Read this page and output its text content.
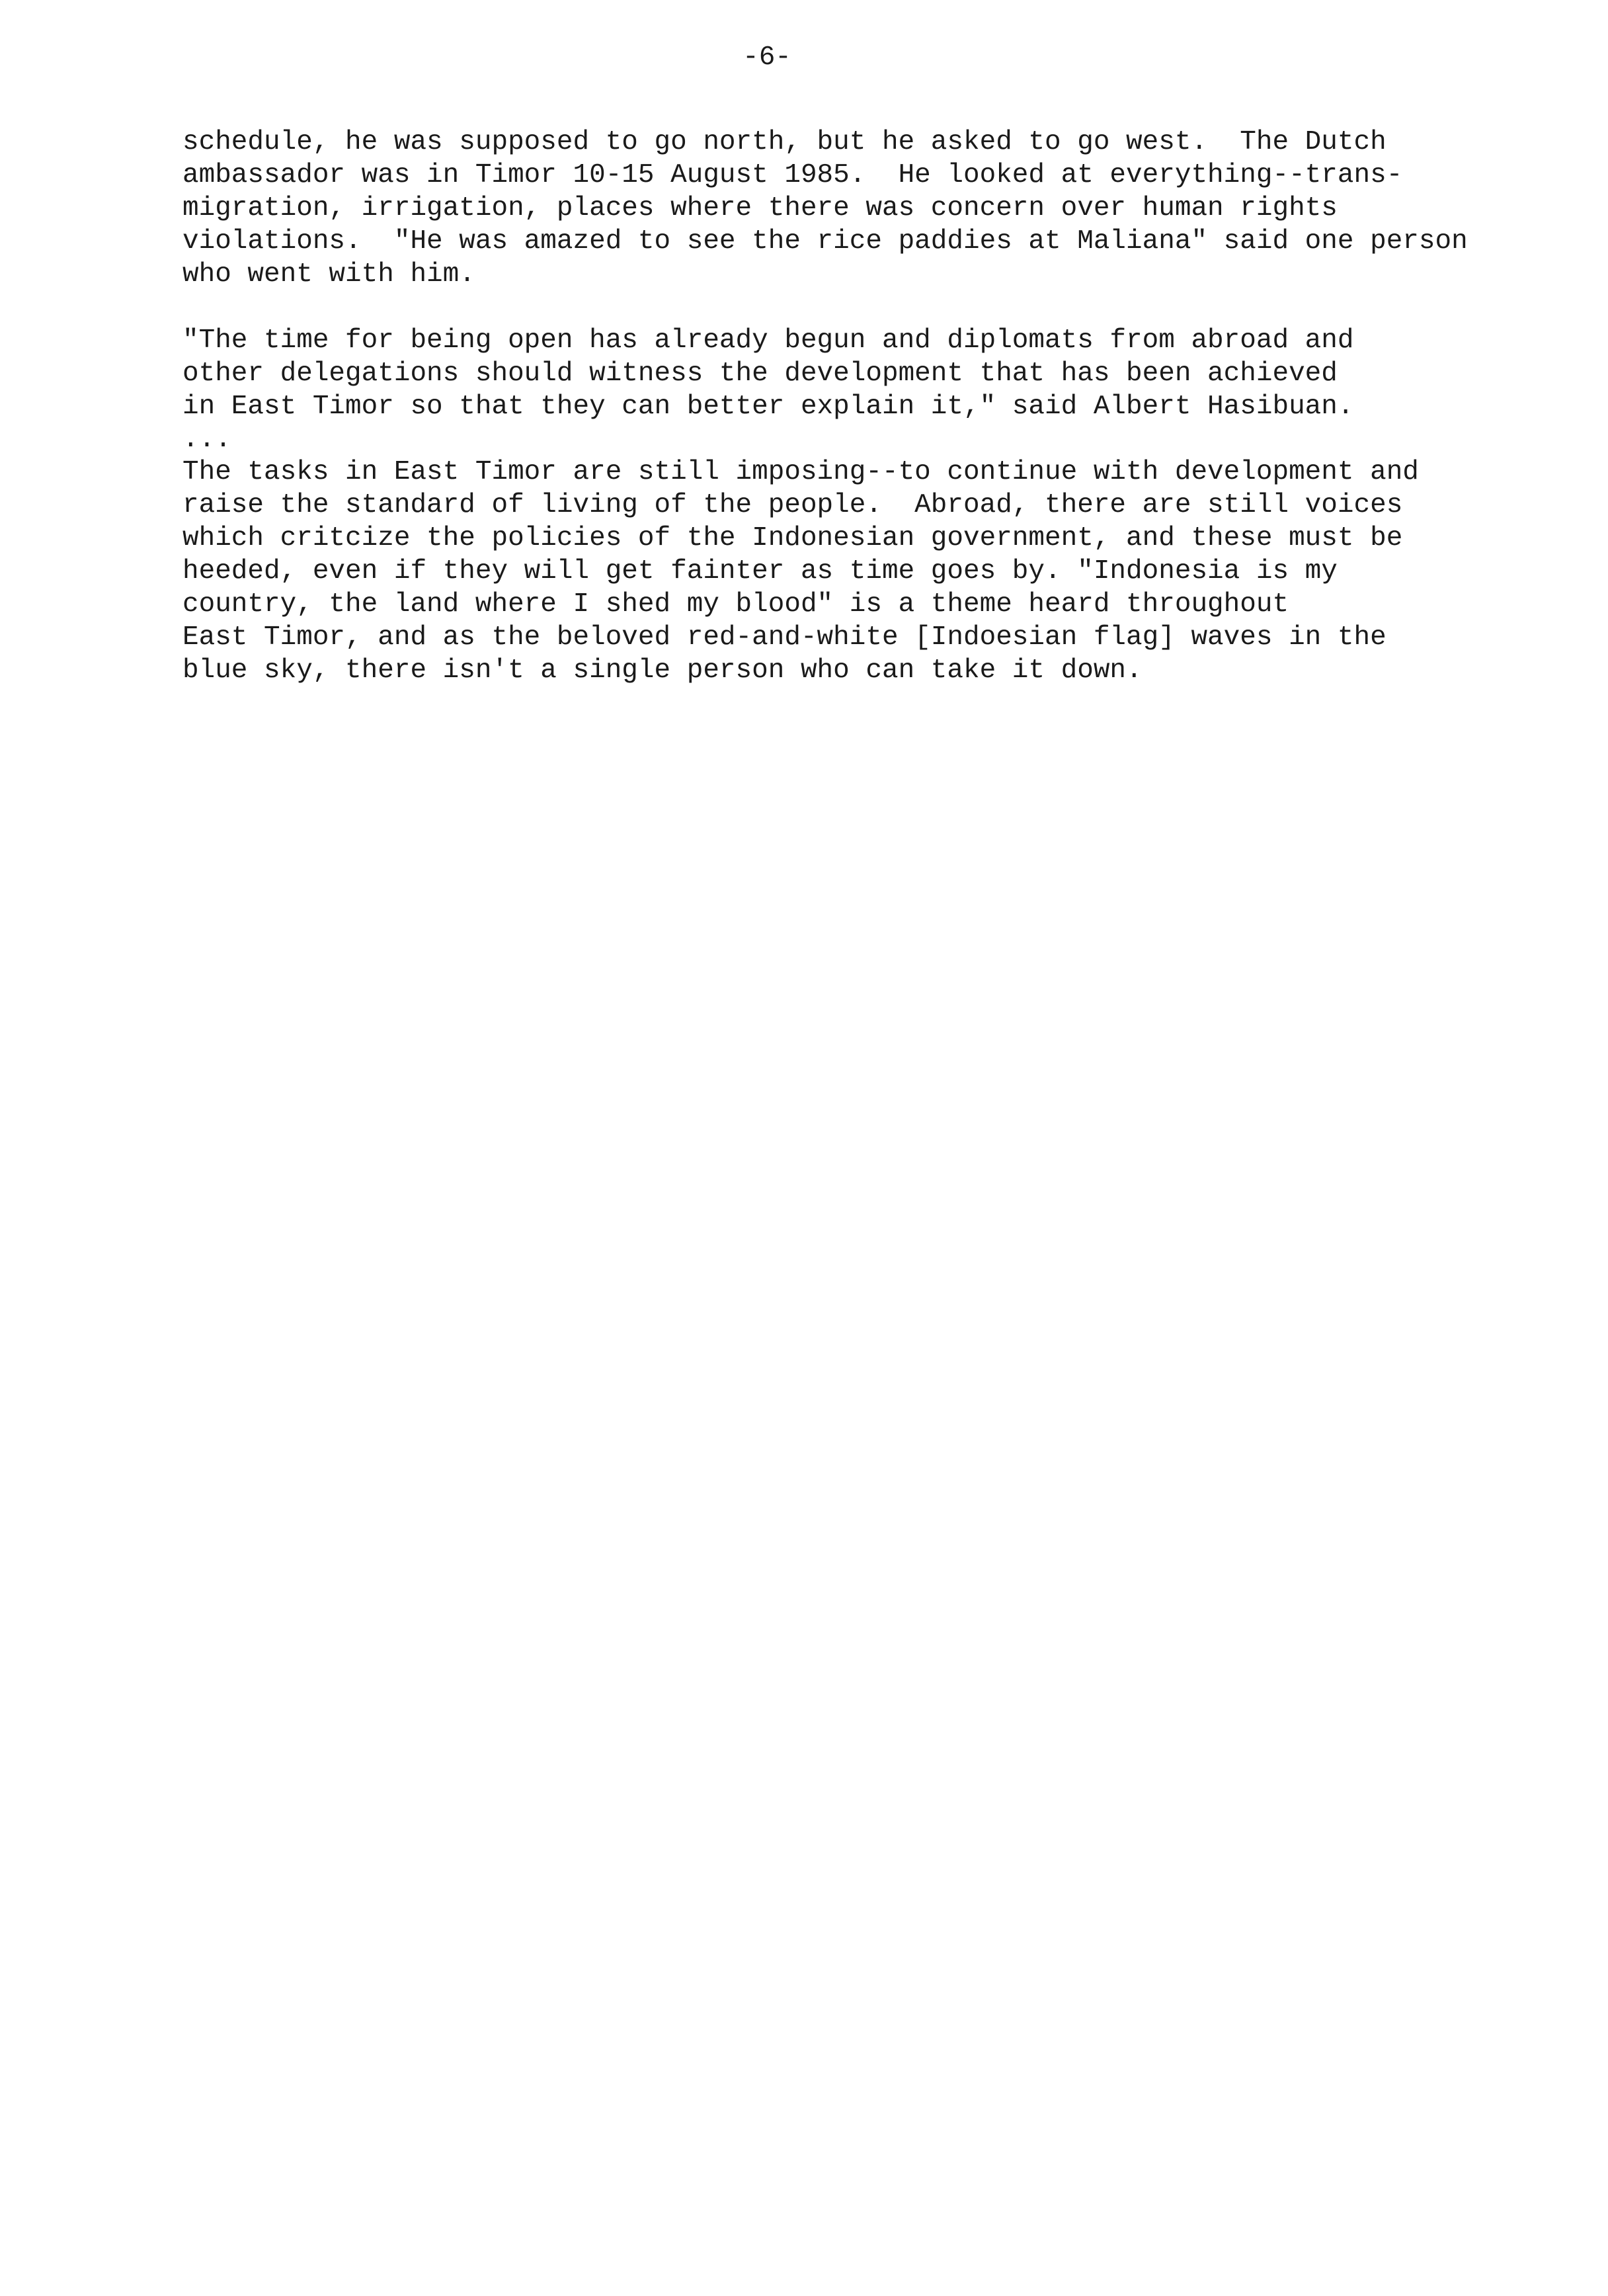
-6-
schedule, he was supposed to go north, but he asked to go west.  The Dutch
ambassador was in Timor 10-15 August 1985.  He looked at everything--trans-
migration, irrigation, places where there was concern over human rights
violations.  "He was amazed to see the rice paddies at Maliana" said one person
who went with him.
"The time for being open has already begun and diplomats from abroad and
other delegations should witness the development that has been achieved
in East Timor so that they can better explain it," said Albert Hasibuan.
...
The tasks in East Timor are still imposing--to continue with development and
raise the standard of living of the people.  Abroad, there are still voices
which critcize the policies of the Indonesian government, and these must be
heeded, even if they will get fainter as time goes by. "Indonesia is my
country, the land where I shed my blood" is a theme heard throughout
East Timor, and as the beloved red-and-white [Indoesian flag] waves in the
blue sky, there isn't a single person who can take it down.
